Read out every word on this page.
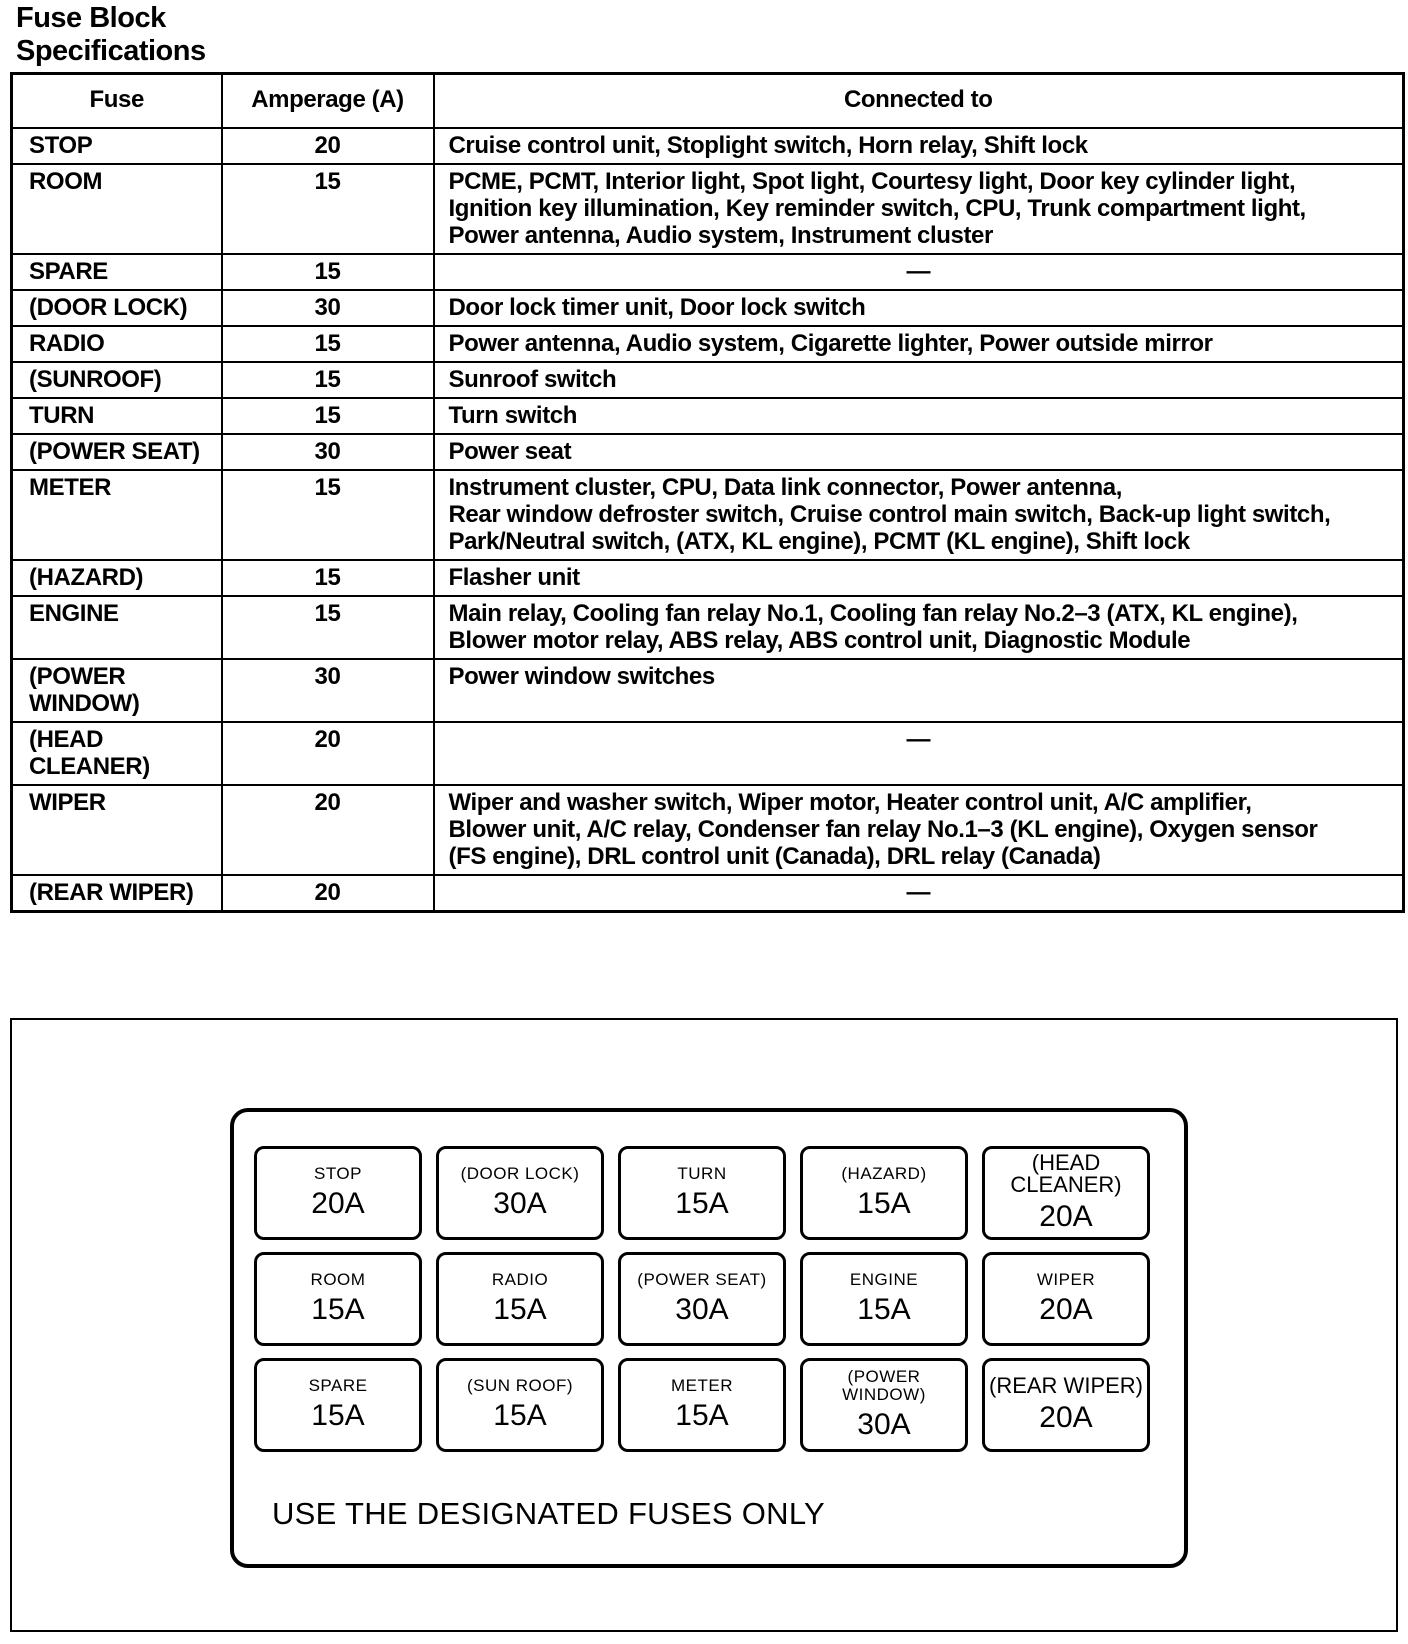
Fuse Block
Specifications
Fuse	Amperage (A)	Connected to
STOP	20	Cruise control unit, Stoplight switch, Horn relay, Shift lock
ROOM	15	PCME, PCMT, Interior light, Spot light, Courtesy light, Door key cylinder light,
Ignition key illumination, Key reminder switch, CPU, Trunk compartment light,
Power antenna, Audio system, Instrument cluster
SPARE	15	—
(DOOR LOCK)	30	Door lock timer unit, Door lock switch
RADIO	15	Power antenna, Audio system, Cigarette lighter, Power outside mirror
(SUNROOF)	15	Sunroof switch
TURN	15	Turn switch
(POWER SEAT)	30	Power seat
METER	15	Instrument cluster, CPU, Data link connector, Power antenna,
Rear window defroster switch, Cruise control main switch, Back-up light switch,
Park/Neutral switch, (ATX, KL engine), PCMT (KL engine), Shift lock
(HAZARD)	15	Flasher unit
ENGINE	15	Main relay, Cooling fan relay No.1, Cooling fan relay No.2–3 (ATX, KL engine),
Blower motor relay, ABS relay, ABS control unit, Diagnostic Module
(POWER
WINDOW)	30	Power window switches
(HEAD
CLEANER)	20	—
WIPER	20	Wiper and washer switch, Wiper motor, Heater control unit, A/C amplifier,
Blower unit, A/C relay, Condenser fan relay No.1–3 (KL engine), Oxygen sensor
(FS engine), DRL control unit (Canada), DRL relay (Canada)
(REAR WIPER)	20	—
STOP
20A
(DOOR LOCK)
30A
TURN
15A
(HAZARD)
15A
(HEAD
CLEANER)
20A
ROOM
15A
RADIO
15A
(POWER SEAT)
30A
ENGINE
15A
WIPER
20A
SPARE
15A
(SUN ROOF)
15A
METER
15A
(POWER
WINDOW)
30A
(REAR WIPER)
20A
USE THE DESIGNATED FUSES ONLY
